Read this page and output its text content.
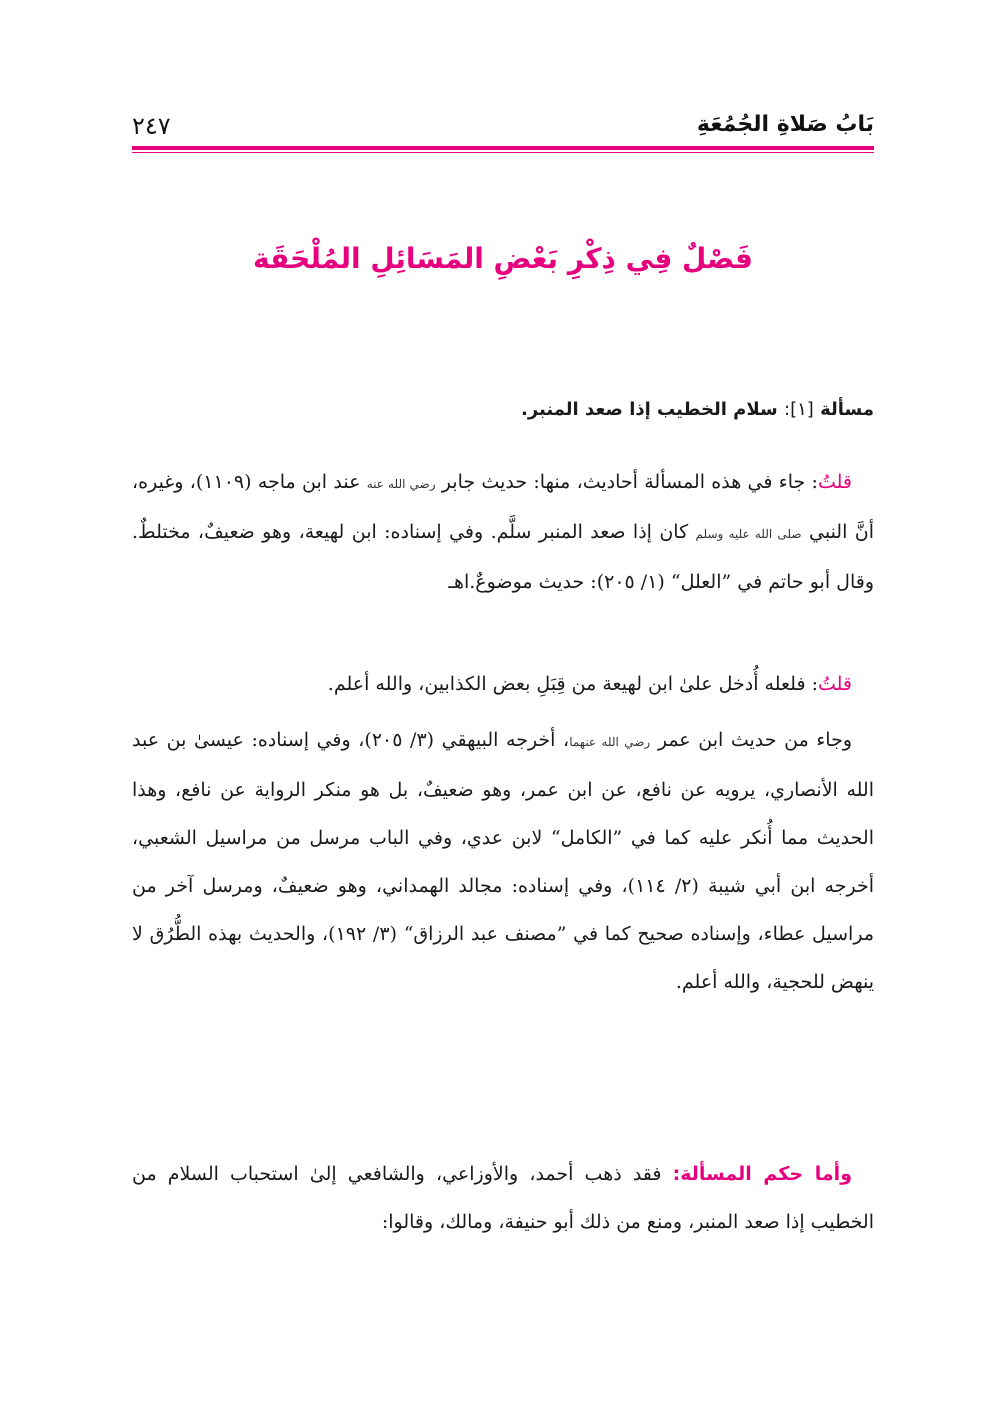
بَابُ صَلاةِ الجُمُعَةِ
٢٤٧
فَصْلٌ فِي ذِكْرِ بَعْضِ المَسَائِلِ المُلْحَقَة
مسألة [١]: سلام الخطيب إذا صعد المنبر.
قلتُ: جاء في هذه المسألة أحاديث، منها: حديث جابر رضي الله عنه عند ابن ماجه (١١٠٩)، وغيره، أنَّ النبي صلى الله عليه وسلم كان إذا صعد المنبر سلَّم. وفي إسناده: ابن لهيعة، وهو ضعيفٌ، مختلطٌ. وقال أبو حاتم في ”العلل“ (١/ ٢٠٥): حديث موضوعٌ.اهـ
قلتُ: فلعله أُدخل علىٰ ابن لهيعة من قِبَلِ بعض الكذابين، والله أعلم.
وجاء من حديث ابن عمر رضي الله عنهما، أخرجه البيهقي (٣/ ٢٠٥)، وفي إسناده: عيسىٰ بن عبد الله الأنصاري، يرويه عن نافع، عن ابن عمر، وهو ضعيفٌ، بل هو منكر الرواية عن نافع، وهذا الحديث مما أُنكر عليه كما في ”الكامل“ لابن عدي، وفي الباب مرسل من مراسيل الشعبي، أخرجه ابن أبي شيبة (٢/ ١١٤)، وفي إسناده: مجالد الهمداني، وهو ضعيفٌ، ومرسل آخر من مراسيل عطاء، وإسناده صحيح كما في ”مصنف عبد الرزاق“ (٣/ ١٩٢)، والحديث بهذه الطُّرُق لا ينهض للحجية، والله أعلم.
وأما حكم المسألة: فقد ذهب أحمد، والأوزاعي، والشافعي إلىٰ استحباب السلام من الخطيب إذا صعد المنبر، ومنع من ذلك أبو حنيفة، ومالك، وقالوا:
